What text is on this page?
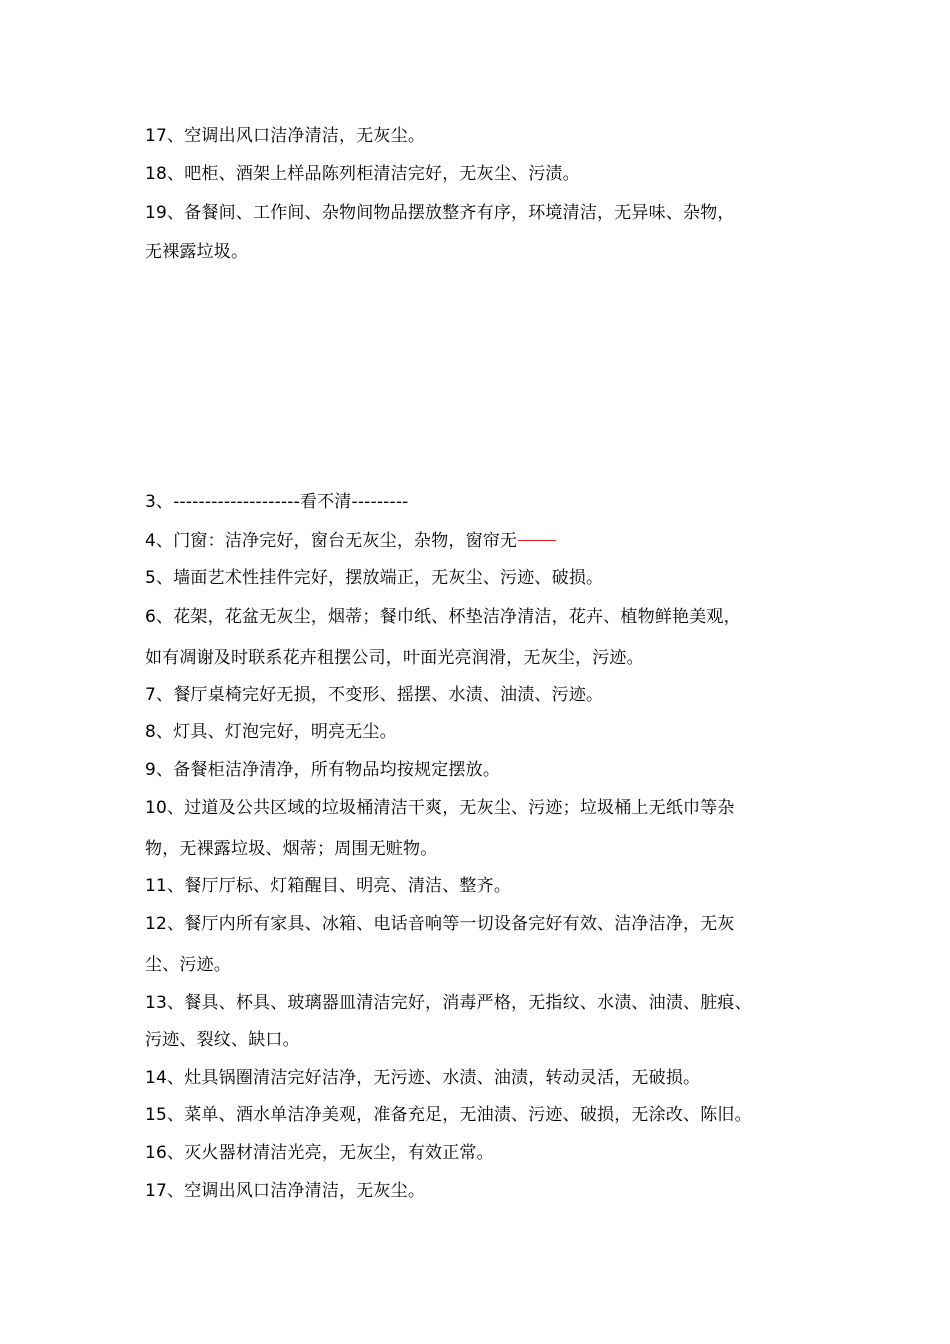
17、空调出风口洁净清洁，无灰尘。
18、吧柜、酒架上样品陈列柜清洁完好，无灰尘、污渍。
19、备餐间、工作间、杂物间物品摆放整齐有序，环境清洁，无异味、杂物，
无裸露垃圾。
3、--------------------看不清---------
4、门窗：洁净完好，窗台无灰尘，杂物，窗帘无
5、墙面艺术性挂件完好，摆放端正，无灰尘、污迹、破损。
6、花架，花盆无灰尘，烟蒂；餐巾纸、杯垫洁净清洁，花卉、植物鲜艳美观，
如有凋谢及时联系花卉租摆公司，叶面光亮润滑，无灰尘，污迹。
7、餐厅桌椅完好无损，不变形、摇摆、水渍、油渍、污迹。
8、灯具、灯泡完好，明亮无尘。
9、备餐柜洁净清净，所有物品均按规定摆放。
10、过道及公共区域的垃圾桶清洁干爽，无灰尘、污迹；垃圾桶上无纸巾等杂
物，无裸露垃圾、烟蒂；周围无赃物。
11、餐厅厅标、灯箱醒目、明亮、清洁、整齐。
12、餐厅内所有家具、冰箱、电话音响等一切设备完好有效、洁净洁净，无灰
尘、污迹。
13、餐具、杯具、玻璃器皿清洁完好，消毒严格，无指纹、水渍、油渍、脏痕、
污迹、裂纹、缺口。
14、灶具锅圈清洁完好洁净，无污迹、水渍、油渍，转动灵活，无破损。
15、菜单、酒水单洁净美观，准备充足，无油渍、污迹、破损，无涂改、陈旧。
16、灭火器材清洁光亮，无灰尘，有效正常。
17、空调出风口洁净清洁，无灰尘。
